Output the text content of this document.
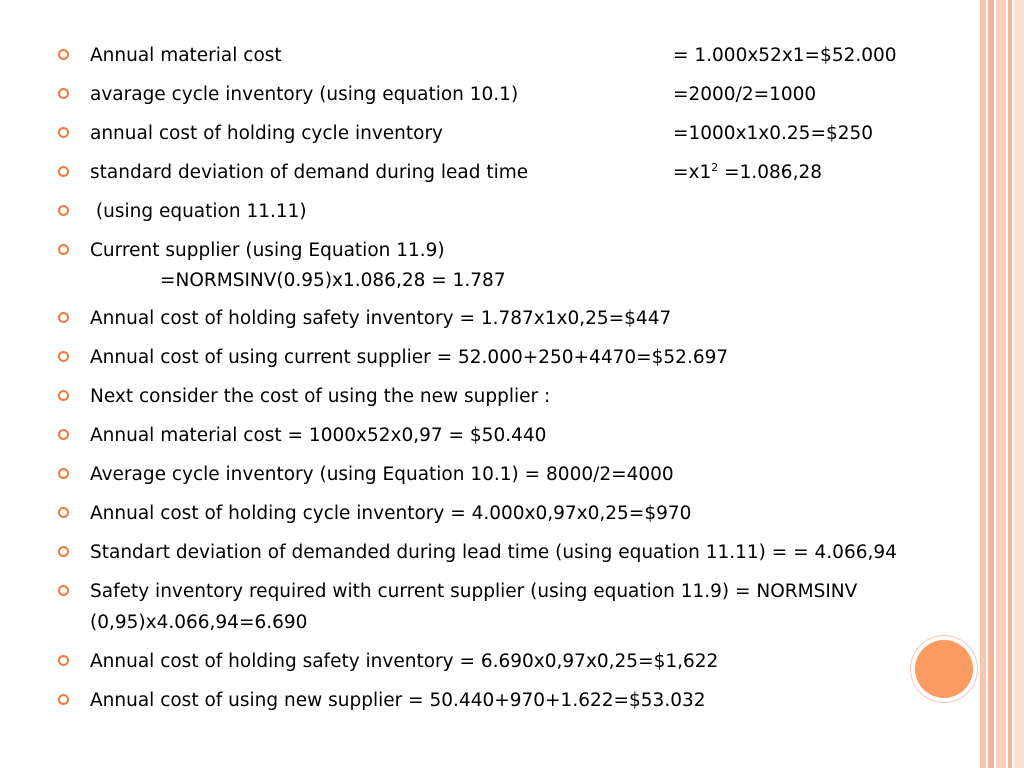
Annual material cost	= 1.000x52x1=$52.000
avarage cycle inventory (using equation 10.1)	=2000/2=1000
annual cost of holding cycle inventory	=1000x1x0.25=$250
standard deviation of demand during lead time	$=x1^2 =1.086,28$
(using equation 11.11)
Current supplier (using Equation 11.9)
=NORMSINV(0.95)x1.086,28 = 1.787
Annual cost of holding safety inventory = 1.787x1x0,25=$447
Annual cost of using current supplier = 52.000+250+4470=$52.697
Next consider the cost of using the new supplier :
Annual material cost = 1000x52x0,97 = $50.440
Average cycle inventory (using Equation 10.1) = 8000/2=4000
Annual cost of holding cycle inventory = 4.000x0,97x0,25=$970
Standart deviation of demanded during lead time (using equation 11.11) = = 4.066,94
Safety inventory required with current supplier (using equation 11.9) = NORMSINV (0,95)x4.066,94=6.690
Annual cost of holding safety inventory = 6.690x0,97x0,25=$1,622
Annual cost of using new supplier = 50.440+970+1.622=$53.032
